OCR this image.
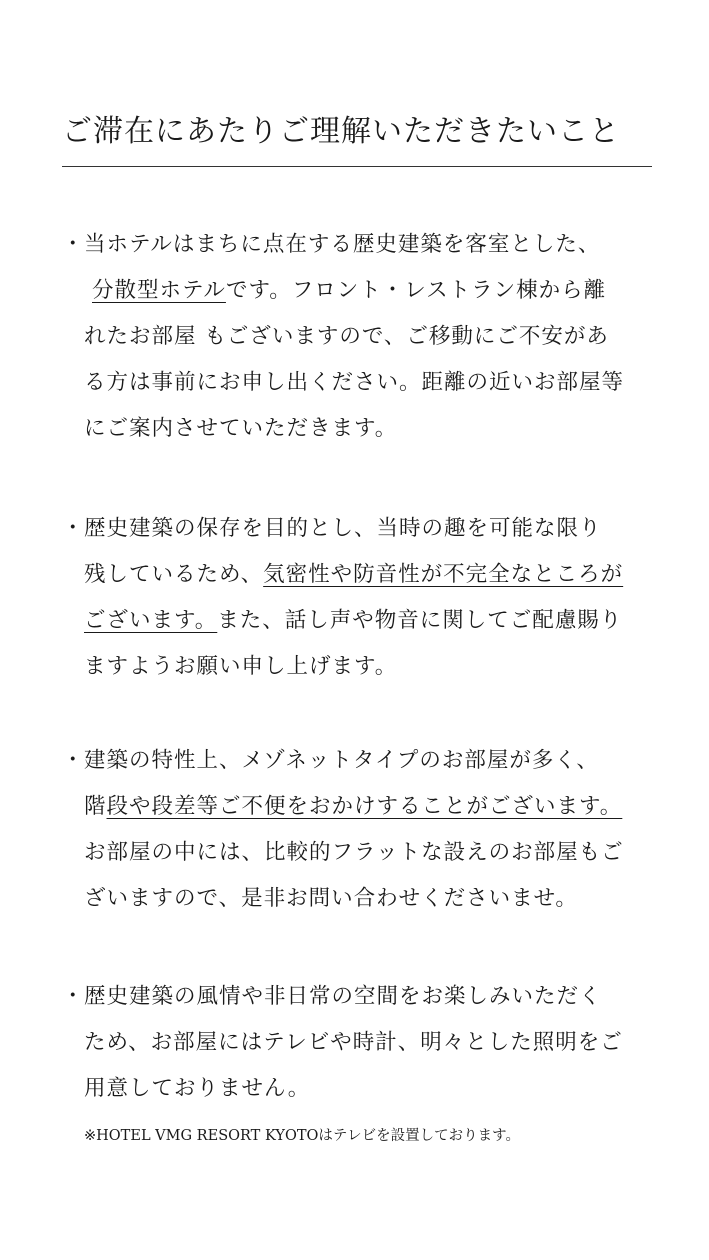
ご滞在にあたりご理解いただきたいこと
・ 当ホテルはまちに点在する歴史建築を客室とした、
分散型ホテルです。フロント・レストラン棟から離
れたお部屋 もございますので、ご移動にご不安があ
る方は事前にお申し出ください。距離の近いお部屋等
にご案内させていただきます。
・ 歴史建築の保存を目的とし、当時の趣を可能な限り
残しているため、気密性や防音性が不完全なところが
ございます。また、話し声や物音に関してご配慮賜り
ますようお願い申し上げます。
・ 建築の特性上、メゾネットタイプのお部屋が多く、
階段や段差等ご不便をおかけすることがございます。
お部屋の中には、比較的フラットな設えのお部屋もご
ざいますので、是非お問い合わせくださいませ。
・ 歴史建築の風情や非日常の空間をお楽しみいただく
ため、お部屋にはテレビや時計、明々とした照明をご
用意しておりません。
※HOTEL VMG RESORT KYOTOはテレビを設置しております。
